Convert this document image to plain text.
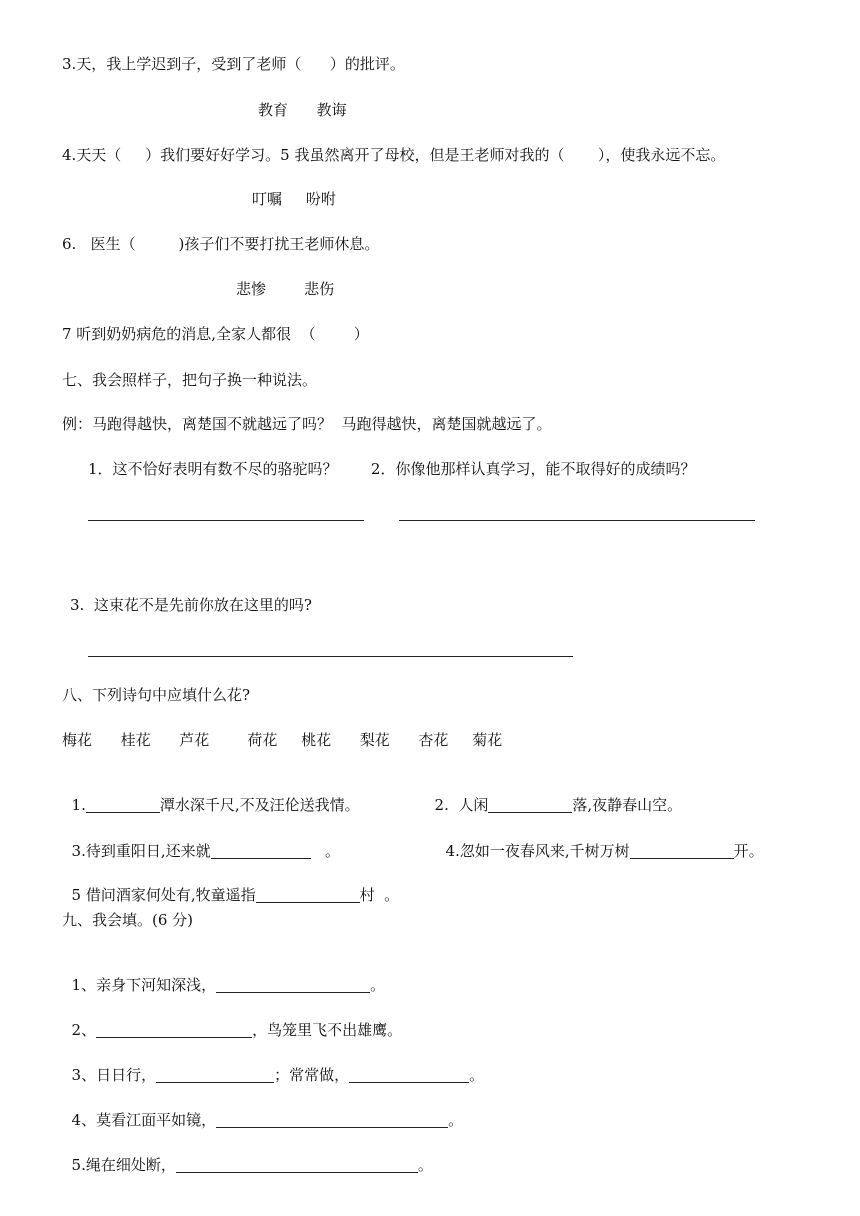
3.天，我上学迟到子，受到了老师（      ）的批评。
教育      教诲
4.天天（     ）我们要好好学习。5 我虽然离开了母校，但是王老师对我的（       ），使我永远不忘。
叮嘱     吩咐
6.   医生（         )孩子们不要打扰王老师休息。
悲惨        悲伤
7 听到奶奶病危的消息,全家人都很  （        ）
七、我会照样子，把句子换一种说法。
例：马跑得越快，离楚国不就越远了吗？  马跑得越快，离楚国就越远了。
1．这不恰好表明有数不尽的骆驼吗？       2．你像他那样认真学习，能不取得好的成绩吗？
3.  这束花不是先前你放在这里的吗?
八、下列诗句中应填什么花?
梅花      桂花      芦花        荷花     桃花      梨花      杏花     菊花

1.	潭水深千尺,不及汪伦送我情。	2.  人闲	落,夜静春山空。

3.待到重阳日,还来就	。	4.忽如一夜春风来,千树万树	开。

5 借问酒家何处有,牧童遥指	村  。

九、我会填。(6 分)

1、亲身下河知深浅，	。

2、	，鸟笼里飞不出雄鹰。

3、日日行，	；常常做，	。

4、莫看江面平如镜，	。

5.绳在细处断，	。
